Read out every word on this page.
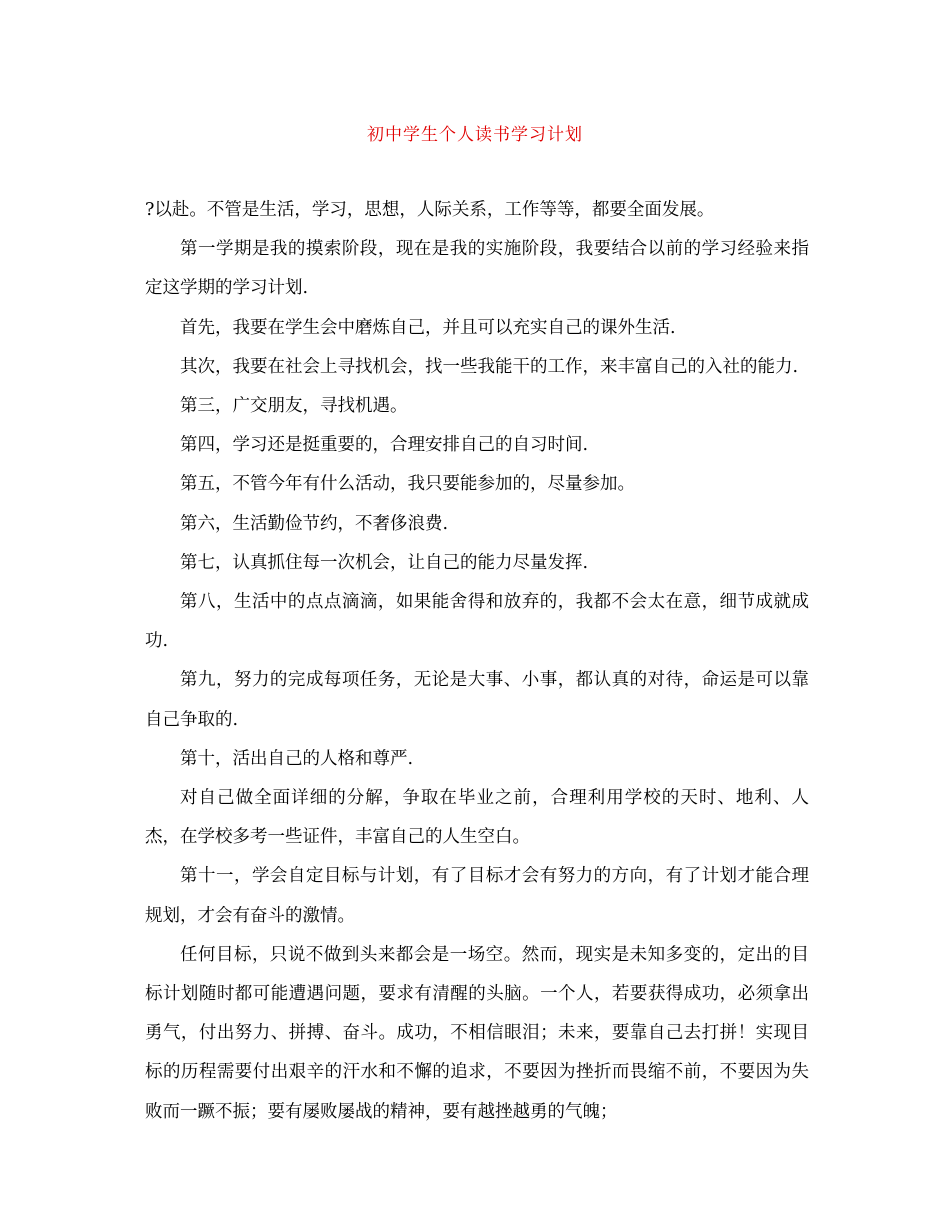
初中学生个人读书学习计划

?以赴。不管是生活，学习，思想，人际关系，工作等等，都要全面发展。

第一学期是我的摸索阶段，现在是我的实施阶段，我要结合以前的学习经验来指定这学期的学习计划.

首先，我要在学生会中磨炼自己，并且可以充实自己的课外生活.

其次，我要在社会上寻找机会，找一些我能干的工作，来丰富自己的入社的能力.

第三，广交朋友，寻找机遇。

第四，学习还是挺重要的，合理安排自己的自习时间.

第五，不管今年有什么活动，我只要能参加的，尽量参加。

第六，生活勤俭节约，不奢侈浪费.

第七，认真抓住每一次机会，让自己的能力尽量发挥.

第八，生活中的点点滴滴，如果能舍得和放弃的，我都不会太在意，细节成就成功.

第九，努力的完成每项任务，无论是大事、小事，都认真的对待，命运是可以靠自己争取的.

第十，活出自己的人格和尊严.

对自己做全面详细的分解，争取在毕业之前，合理利用学校的天时、地利、人杰，在学校多考一些证件，丰富自己的人生空白。

第十一，学会自定目标与计划，有了目标才会有努力的方向，有了计划才能合理规划，才会有奋斗的激情。

任何目标，只说不做到头来都会是一场空。然而，现实是未知多变的，定出的目标计划随时都可能遭遇问题，要求有清醒的头脑。一个人，若要获得成功，必须拿出勇气，付出努力、拼搏、奋斗。成功，不相信眼泪；未来，要靠自己去打拼！实现目标的历程需要付出艰辛的汗水和不懈的追求，不要因为挫折而畏缩不前，不要因为失败而一蹶不振；要有屡败屡战的精神，要有越挫越勇的气魄；
